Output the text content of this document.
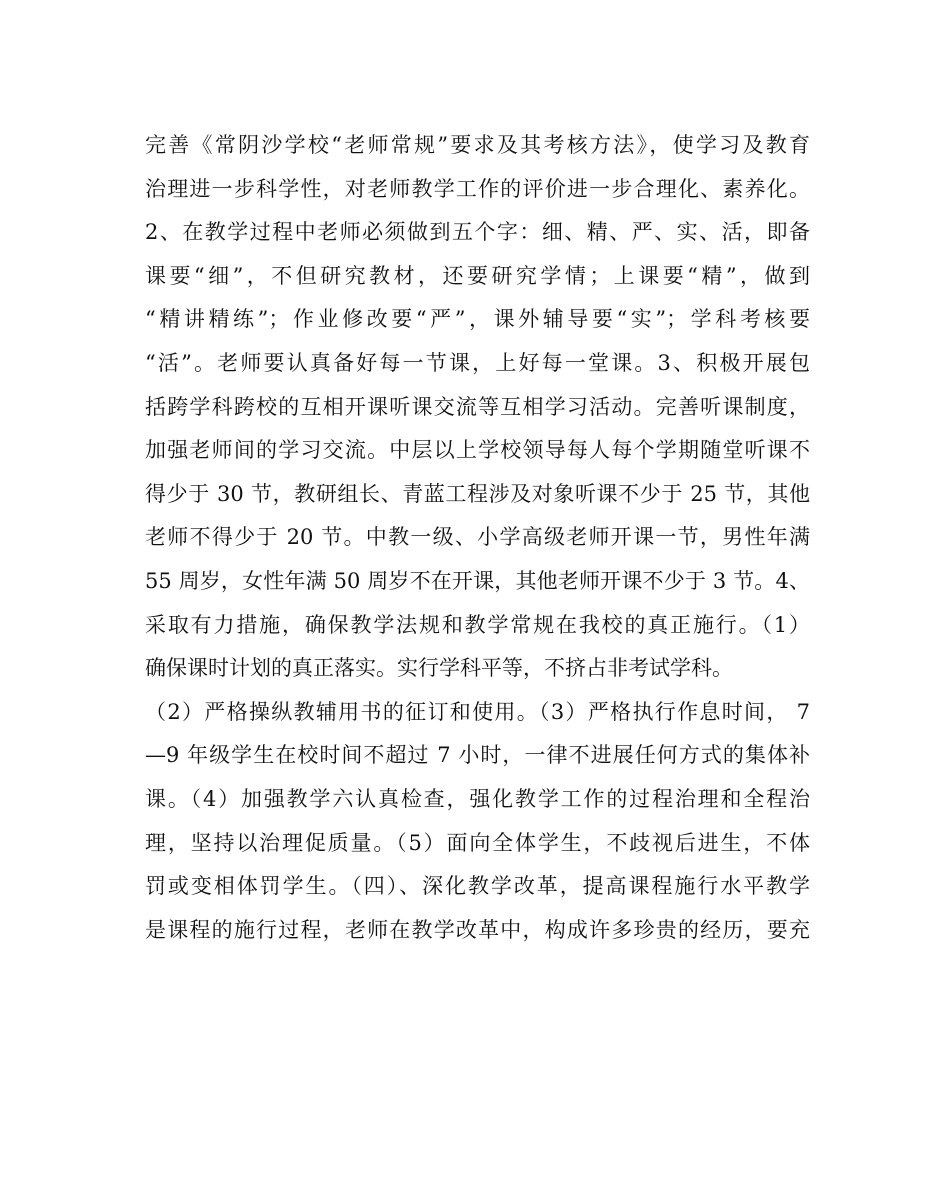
完善《常阴沙学校“老师常规”要求及其考核方法》，使学习及教育
治理进一步科学性，对老师教学工作的评价进一步合理化、素养化。
2、在教学过程中老师必须做到五个字：细、精、严、实、活，即备
课要“细”，不但研究教材，还要研究学情；上课要“精”，做到
“精讲精练”；作业修改要“严”，课外辅导要“实”；学科考核要
“活”。老师要认真备好每一节课，上好每一堂课。3、积极开展包
括跨学科跨校的互相开课听课交流等互相学习活动。完善听课制度，
加强老师间的学习交流。中层以上学校领导每人每个学期随堂听课不
得少于 30 节，教研组长、青蓝工程涉及对象听课不少于 25 节，其他
老师不得少于 20 节。中教一级、小学高级老师开课一节，男性年满
55 周岁，女性年满 50 周岁不在开课，其他老师开课不少于 3 节。4、
采取有力措施，确保教学法规和教学常规在我校的真正施行。（1）
确保课时计划的真正落实。实行学科平等，不挤占非考试学科。
（2）严格操纵教辅用书的征订和使用。（3）严格执行作息时间， 7
—9 年级学生在校时间不超过 7 小时，一律不进展任何方式的集体补
课。（4）加强教学六认真检查，强化教学工作的过程治理和全程治
理，坚持以治理促质量。（5）面向全体学生，不歧视后进生，不体
罚或变相体罚学生。（四）、深化教学改革，提高课程施行水平教学
是课程的施行过程，老师在教学改革中，构成许多珍贵的经历，要充
